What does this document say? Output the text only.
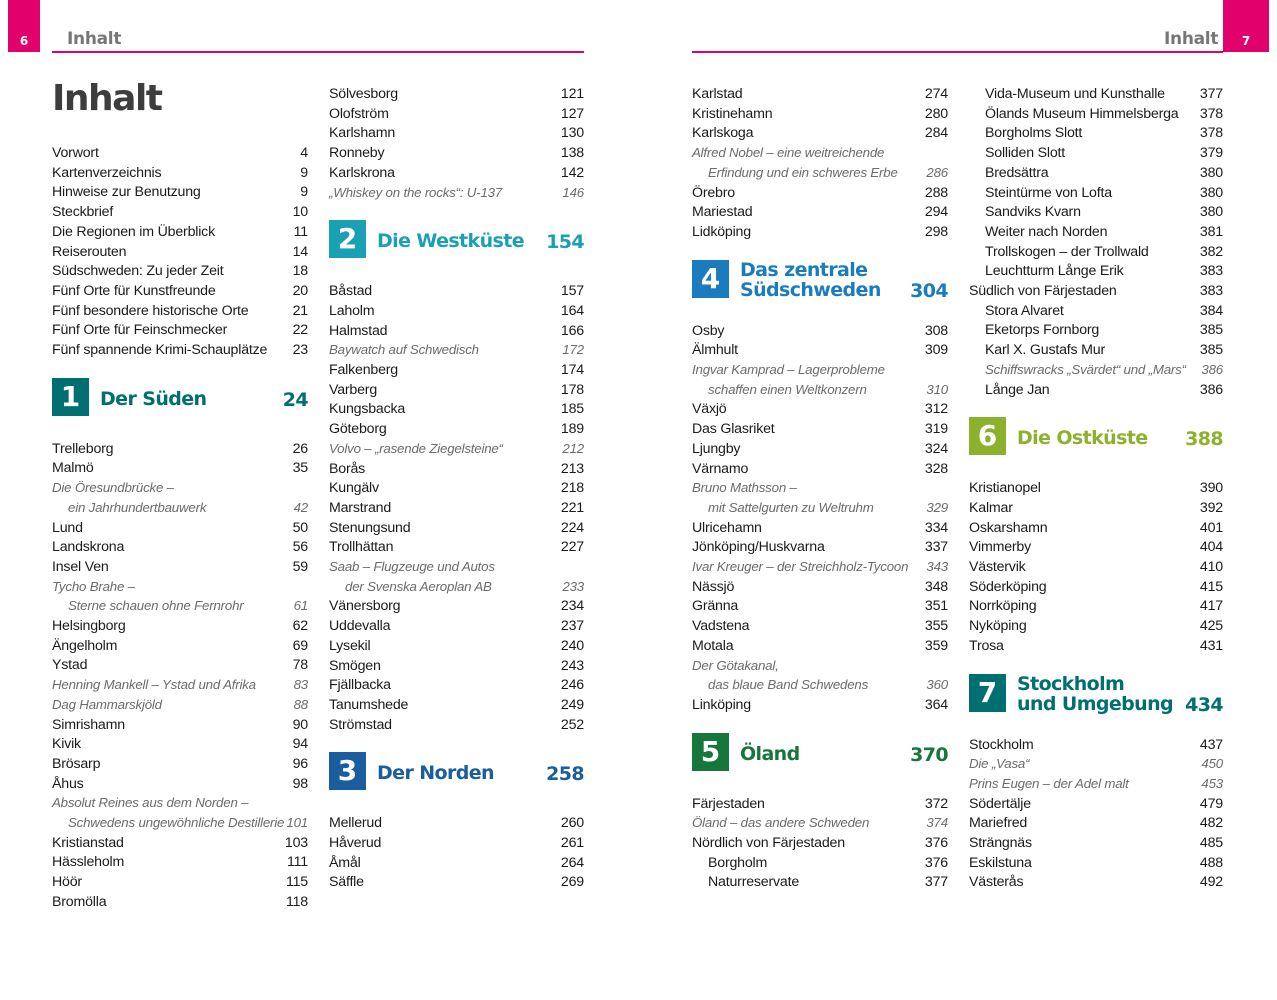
6	Inhalt	7
Inhalt
Inhalt
Vorwort	4
Kartenverzeichnis	9
Hinweise zur Benutzung	9
Steckbrief	10
Die Regionen im Überblick	11
Reiserouten	14
Südschweden: Zu jeder Zeit	18
Fünf Orte für Kunstfreunde	20
Fünf besondere historische Orte	21
Fünf Orte für Feinschmecker	22
Fünf spannende Krimi-Schauplätze 23
1	Der Süden	24
Trelleborg	26
Malmö	35
Die Öresundbrücke –
ein Jahrhundertbauwerk	42
Lund	50
Landskrona	56
Insel Ven	59
Tycho Brahe –
Sterne schauen ohne Fernrohr	61
Helsingborg	62
Ängelholm	69
Ystad	78
Henning Mankell – Ystad und Afrika	83
Dag Hammarskjöld	88
Simrishamn	90
Kivik	94
Brösarp	96
Åhus	98
Absolut Reines aus dem Norden –
Schwedens ungewöhnliche Destillerie 101
Kristianstad	103
Hässleholm	111
Höör	115
Bromölla	118
Sölvesborg	121
Olofström	127
Karlshamn	130
Ronneby	138
Karlskrona	142
„Whiskey on the rocks“: U-137	146
2	Die Westküste 154
Båstad	157
Laholm	164
Halmstad	166
Baywatch auf Schwedisch	172
Falkenberg	174
Varberg	178
Kungsbacka	185
Göteborg	189
Volvo – „rasende Ziegelsteine“	212
Borås	213
Kungälv	218
Marstrand	221
Stenungsund	224
Trollhättan	227
Saab – Flugzeuge und Autos
der Svenska Aeroplan AB	233
Vänersborg	234
Uddevalla	237
Lysekil	240
Smögen	243
Fjällbacka	246
Tanumshede	249
Strömstad	252
3	Der Norden	258
Mellerud	260
Håverud	261
Åmål	264
Säffle	269
Karlstad	274
Kristinehamn	280
Karlskoga	284
Alfred Nobel – eine weitreichende
Erfindung und ein schweres Erbe 286
Örebro	288
Mariestad	294
Lidköping	298
4	Das zentrale
Südschweden 304
Osby	308
Älmhult	309
Ingvar Kamprad – Lagerprobleme
schaffen einen Weltkonzern	310
Växjö	312
Das Glasriket	319
Ljungby	324
Värnamo	328
Bruno Mathsson –
mit Sattelgurten zu Weltruhm	329
Ulricehamn	334
Jönköping/Huskvarna	337
Ivar Kreuger – der Streichholz-Tycoon 343
Nässjö	348
Gränna	351
Vadstena	355
Motala	359
Der Götakanal,
das blaue Band Schwedens	360
Linköping	364
5	Öland	370
Färjestaden	372
Öland – das andere Schweden	374
Nördlich von Färjestaden	376
Borgholm	376
Naturreservate	377
Vida-Museum und Kunsthalle 377
Ölands Museum Himmelsberga 378
Borgholms Slott	378
Solliden Slott	379
Bredsättra	380
Steintürme von Lofta	380
Sandviks Kvarn	380
Weiter nach Norden	381
Trollskogen – der Trollwald	382
Leuchtturm Långe Erik	383
Südlich von Färjestaden	383
Stora Alvaret	384
Eketorps Fornborg	385
Karl X. Gustafs Mur	385
Schiffswracks „Svärdet“ und „Mars“ 386
Långe Jan	386
6	Die Ostküste 388
Kristianopel	390
Kalmar	392
Oskarshamn	401
Vimmerby	404
Västervik	410
Söderköping	415
Norrköping	417
Nyköping	425
Trosa	431
7	Stockholm
und Umgebung 434
Stockholm	437
Die „Vasa“	450
Prins Eugen – der Adel malt	453
Södertälje	479
Mariefred	482
Strängnäs	485
Eskilstuna	488
Västerås	492
